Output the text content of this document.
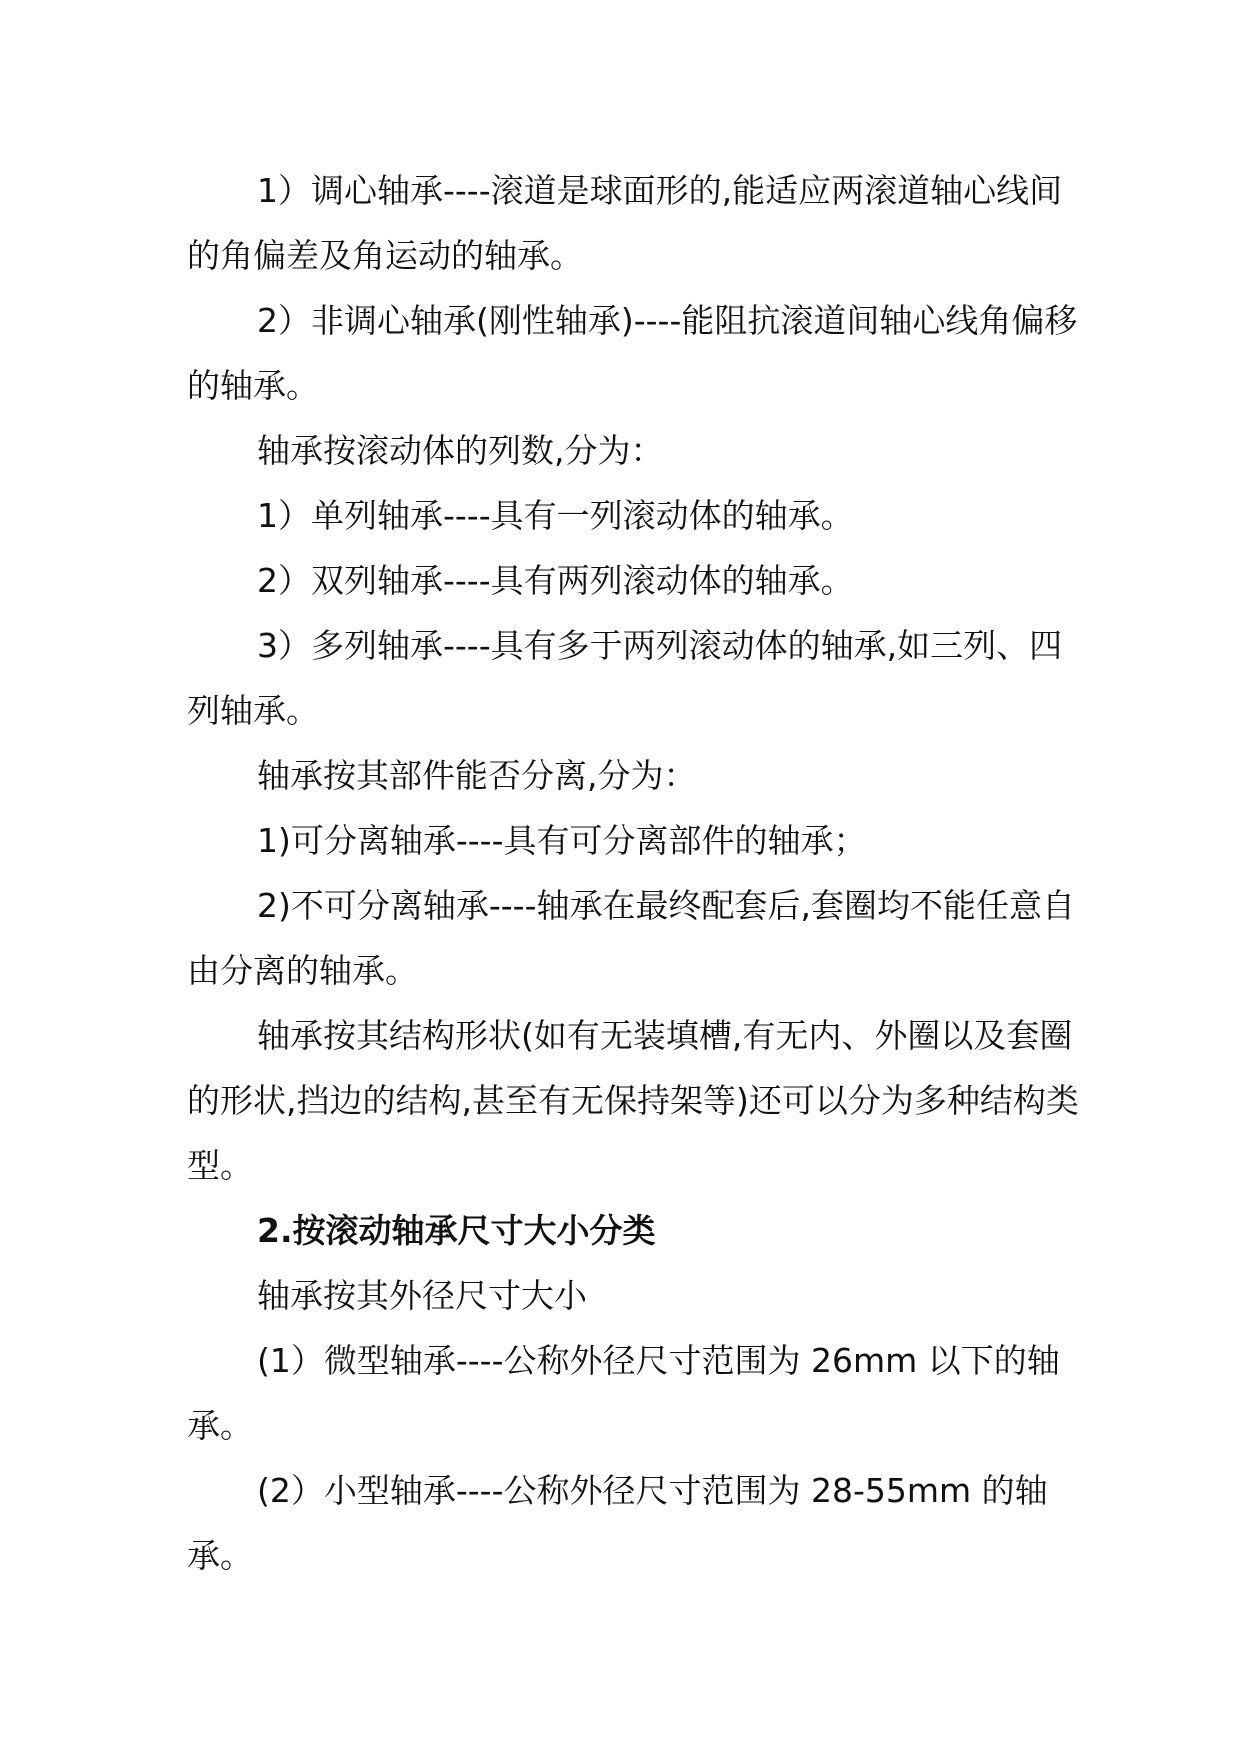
1）调心轴承----滚道是球面形的,能适应两滚道轴心线间的角偏差及角运动的轴承。

2）非调心轴承(刚性轴承)----能阻抗滚道间轴心线角偏移的轴承。

轴承按滚动体的列数,分为：

1）单列轴承----具有一列滚动体的轴承。

2）双列轴承----具有两列滚动体的轴承。

3）多列轴承----具有多于两列滚动体的轴承,如三列、四列轴承。

轴承按其部件能否分离,分为：

1)可分离轴承----具有可分离部件的轴承；

2)不可分离轴承----轴承在最终配套后,套圈均不能任意自由分离的轴承。

轴承按其结构形状(如有无装填槽,有无内、外圈以及套圈的形状,挡边的结构,甚至有无保持架等)还可以分为多种结构类型。

2.按滚动轴承尺寸大小分类

轴承按其外径尺寸大小

(1）微型轴承----公称外径尺寸范围为 26mm 以下的轴承。

(2）小型轴承----公称外径尺寸范围为 28-55mm 的轴承。
